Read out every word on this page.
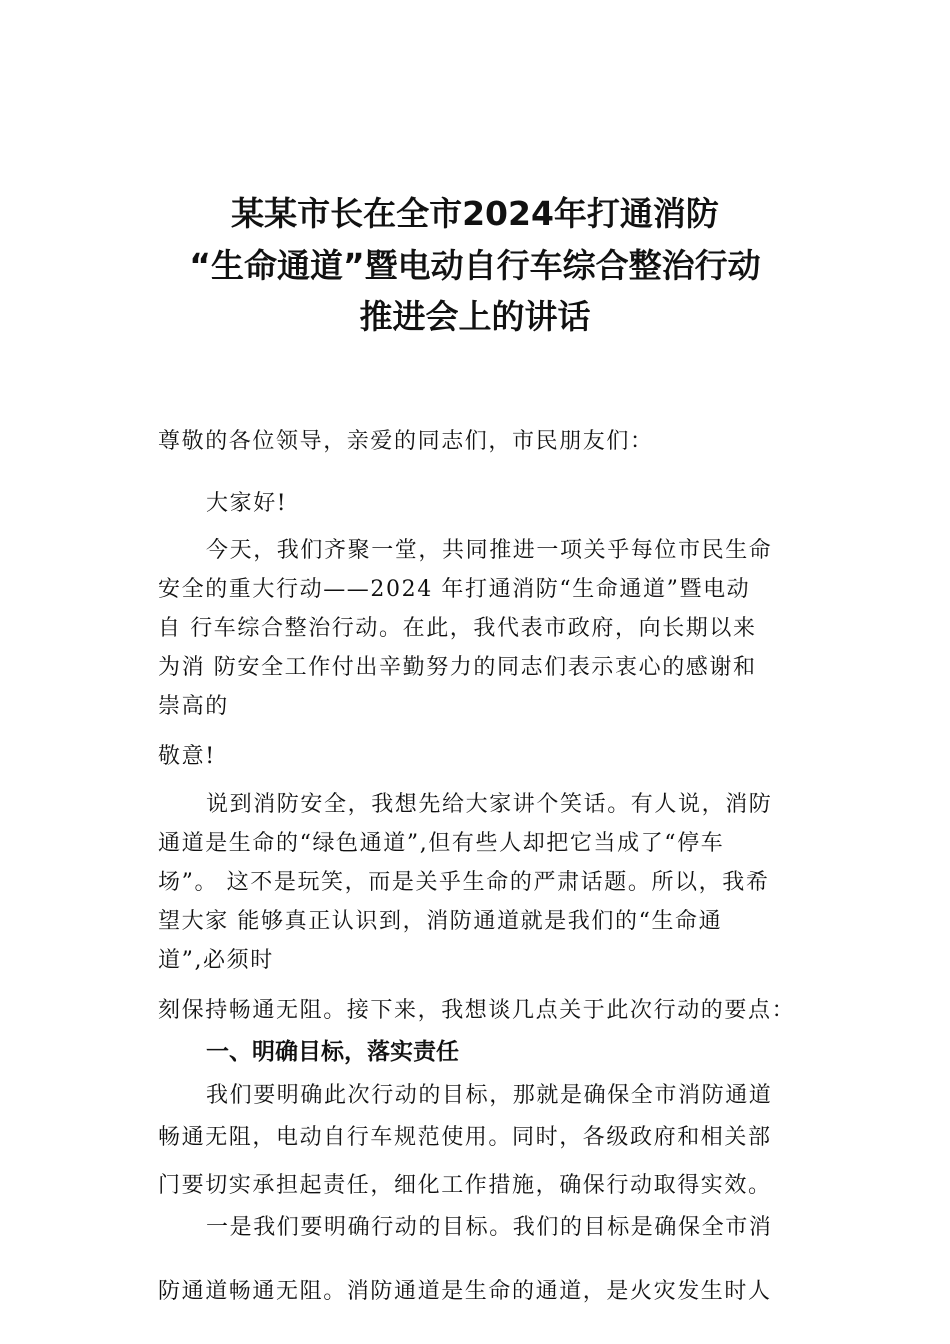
某某市长在全市2024年打通消防
“生命通道”暨电动自行车综合整治行动
推进会上的讲话
尊敬的各位领导，亲爱的同志们，市民朋友们：
大家好!
今天，我们齐聚一堂，共同推进一项关乎每位市民生命
安全的重大行动——2024 年打通消防“生命通道”暨电动
自 行车综合整治行动。在此，我代表市政府，向长期以来
为消 防安全工作付出辛勤努力的同志们表示衷心的感谢和
崇高的
敬意!
说到消防安全，我想先给大家讲个笑话。有人说，消防
通道是生命的“绿色通道”,但有些人却把它当成了“停车
场”。 这不是玩笑，而是关乎生命的严肃话题。所以，我希
望大家 能够真正认识到，消防通道就是我们的“生命通
道”,必须时
刻保持畅通无阻。接下来，我想谈几点关于此次行动的要点：
一、明确目标，落实责任
我们要明确此次行动的目标，那就是确保全市消防通道
畅通无阻，电动自行车规范使用。同时，各级政府和相关部
门要切实承担起责任，细化工作措施，确保行动取得实效。
一是我们要明确行动的目标。我们的目标是确保全市消
防通道畅通无阻。消防通道是生命的通道，是火灾发生时人
